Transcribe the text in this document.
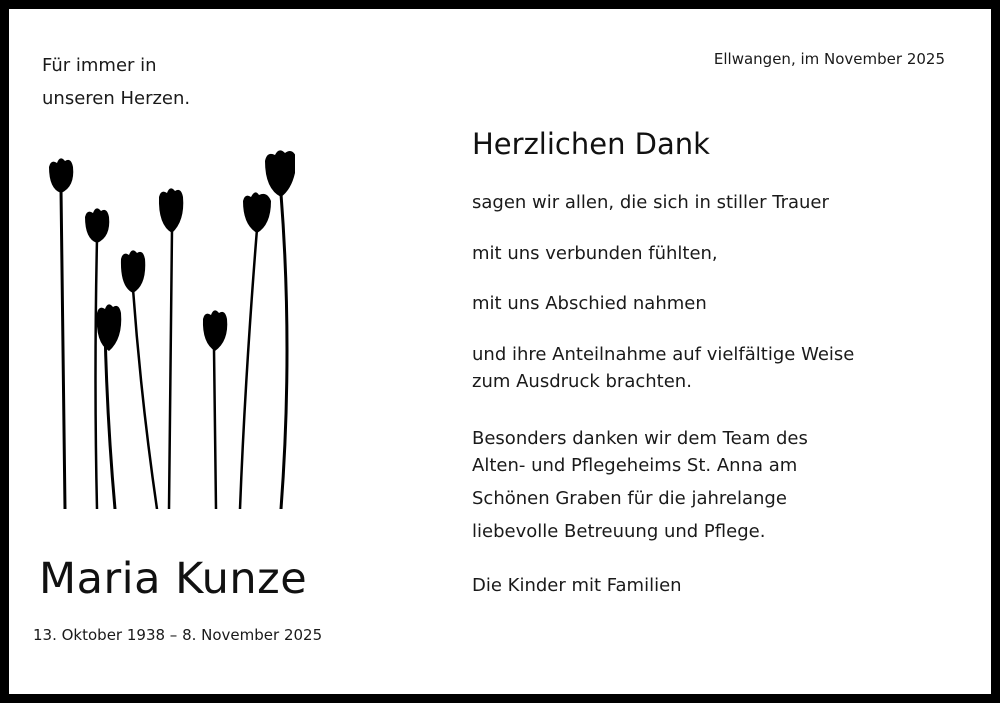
Für immer in
unseren Herzen.
Ellwangen, im November 2025
Maria Kunze
13. Oktober 1938 – 8. November 2025
Herzlichen Dank
sagen wir allen, die sich in stiller Trauer
mit uns verbunden fühlten,
mit uns Abschied nahmen
und ihre Anteilnahme auf vielfältige Weise
zum Ausdruck brachten.
Besonders danken wir dem Team des
Alten- und Pflegeheims St. Anna am
Schönen Graben für die jahrelange
liebevolle Betreuung und Pflege.
Die Kinder mit Familien
